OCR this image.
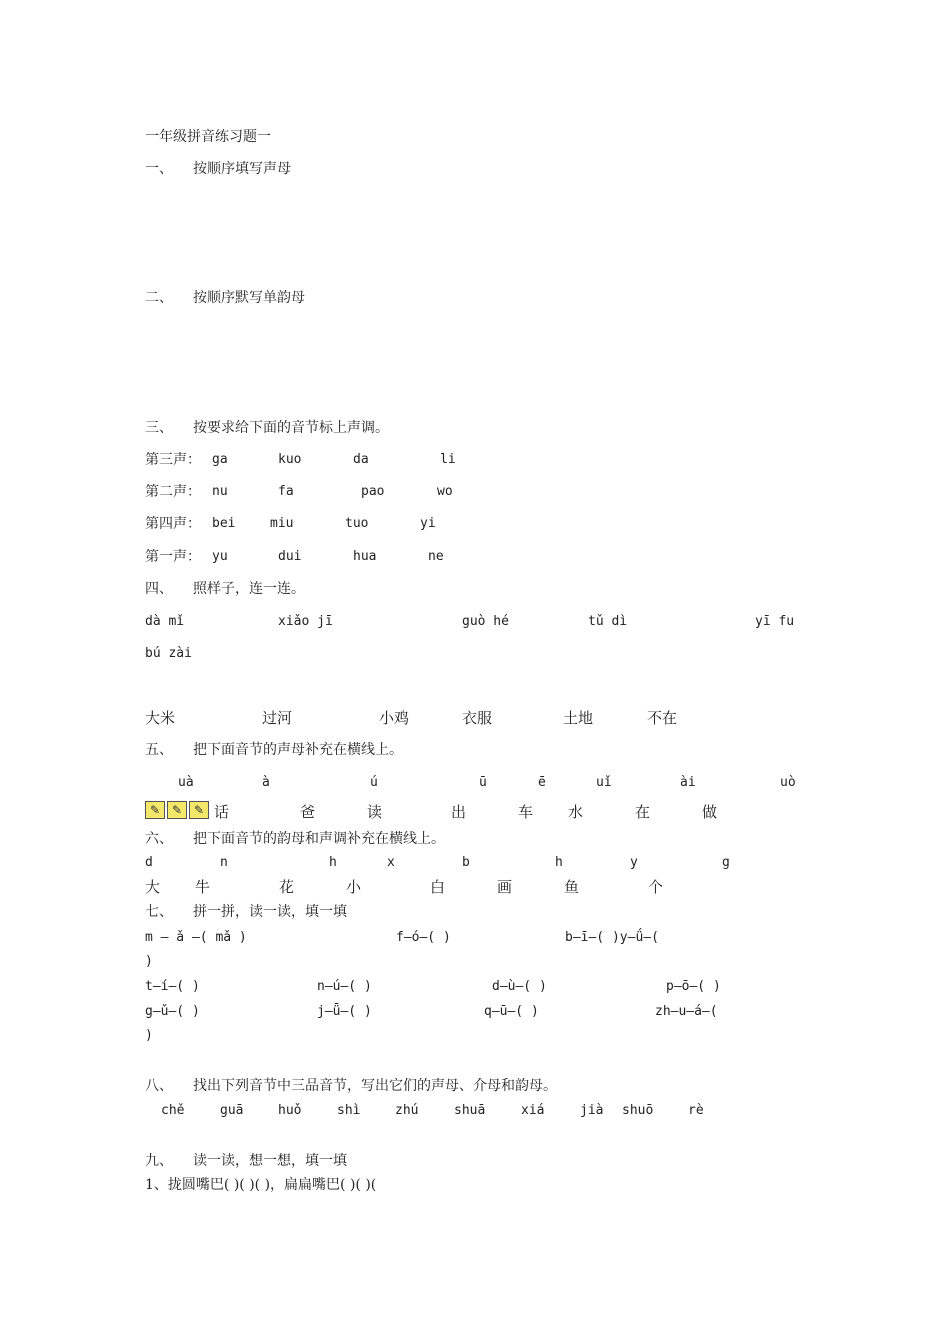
一年级拼音练习题一
一、 按顺序填写声母
二、 按顺序默写单韵母
三、 按要求给下面的音节标上声调。
第三声： ga	kuo	da	li
第二声： nu	fa	pao	wo
第四声： bei	miu	tuo	yi
第一声： yu	dui	hua	ne
四、 照样子，连一连。
dà mǐ	xiǎo jī	guò hé	tǔ dì	yī fu
bú zài
大米	过河	小鸡	衣服	土地	不在
五、 把下面音节的声母补充在横线上。
uà	à	ú	ū	ē	uǐ	ài	uò
✎ ✎ ✎ 话	爸	读	出	车 水	在	做
六、 把下面音节的韵母和声调补充在横线上。
d	n	h	x	b	h	y	g
大 牛	花	小	白	画	鱼	个
七、 拼一拼，读一读，填一填
m — ǎ —( mǎ )	f—ó—( )	b—ī—( )y—ǘ—(
)
t—í—( )	n—ú—( )	d—ù—( )	p—ō—( )
g—ǔ—( )	j—ǖ—( )	q—ū—( )	zh—u—á—(
)
八、 找出下列音节中三品音节，写出它们的声母、介母和韵母。
chě	guā	huǒ	shì	zhú	shuā	xiá	jià shuō	rè
九、 读一读，想一想，填一填
1、拢圆嘴巴( )( )( )，扁扁嘴巴( )( )(
